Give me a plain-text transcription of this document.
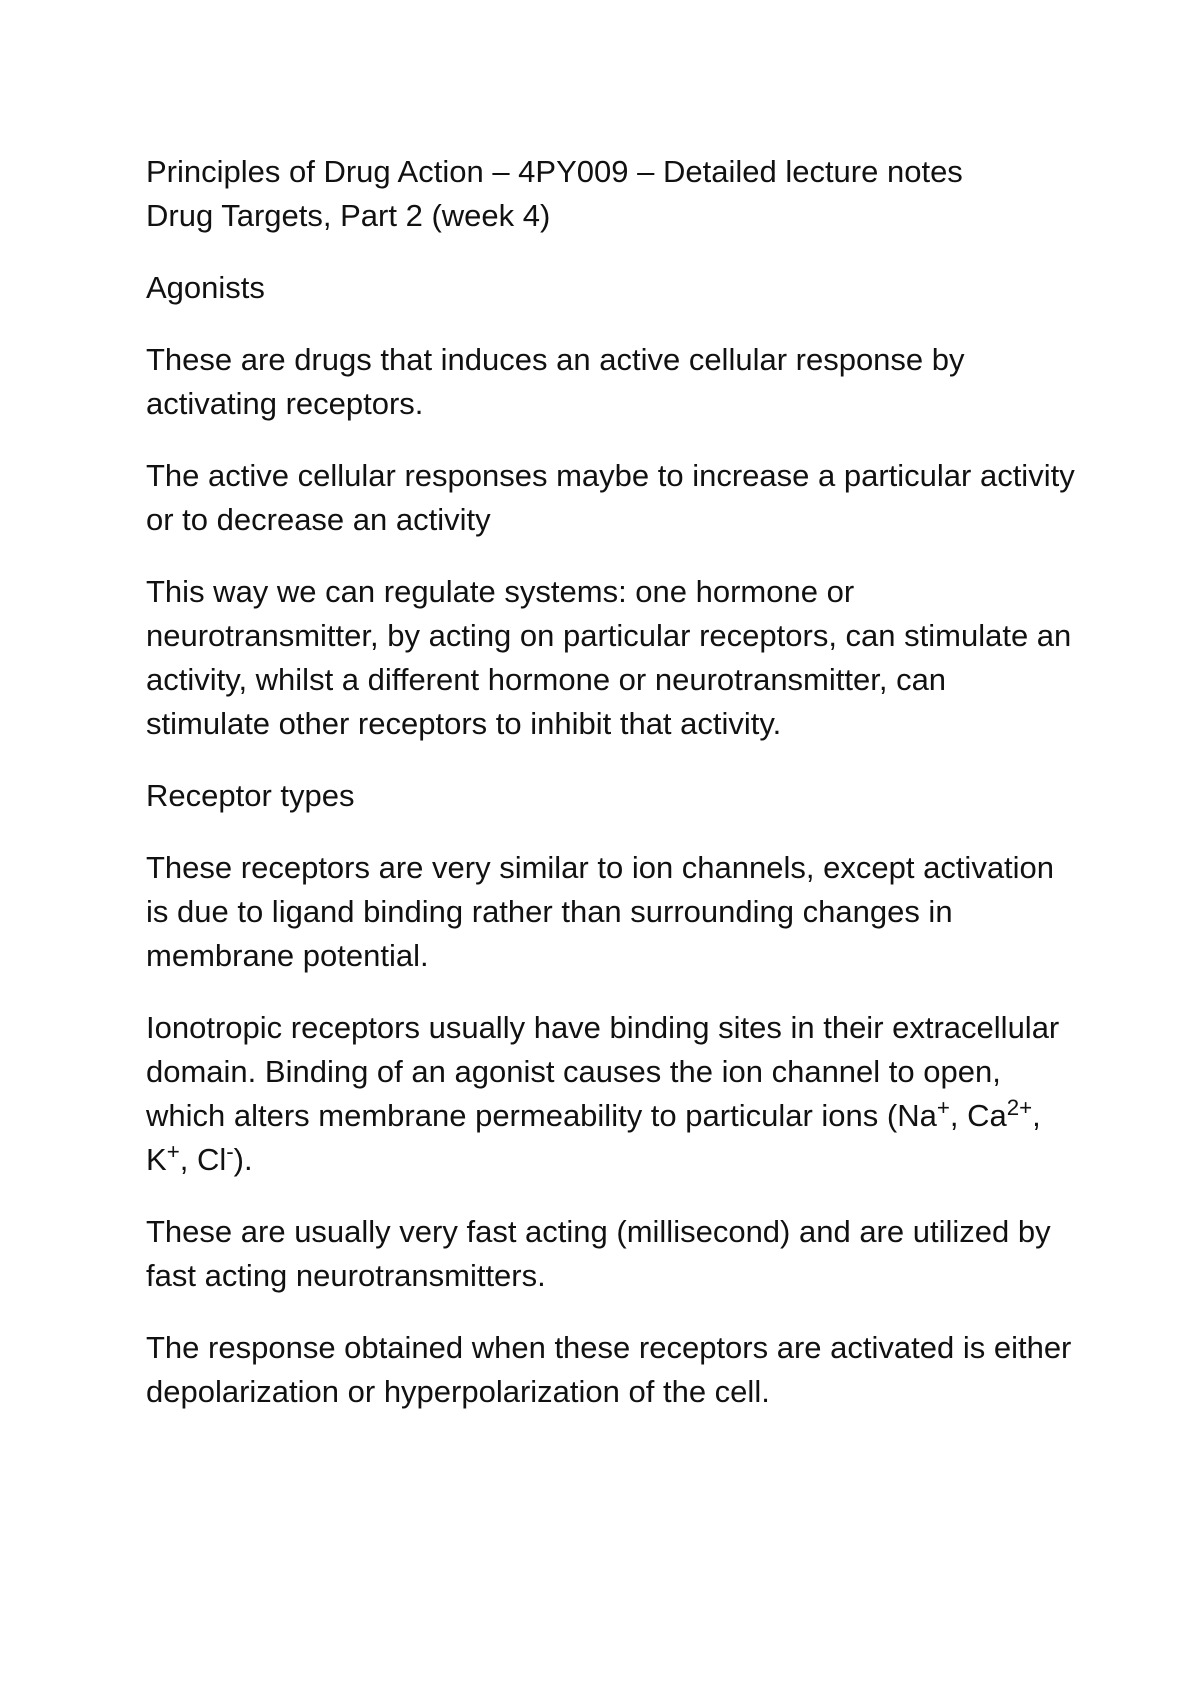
Principles of Drug Action – 4PY009 – Detailed lecture notes
Drug Targets, Part 2 (week 4)

Agonists

These are drugs that induces an active cellular response by activating receptors.

The active cellular responses maybe to increase a particular activity or to decrease an activity

This way we can regulate systems: one hormone or neurotransmitter, by acting on particular receptors, can stimulate an activity, whilst a different hormone or neurotransmitter, can stimulate other receptors to inhibit that activity.

Receptor types

These receptors are very similar to ion channels, except activation is due to ligand binding rather than surrounding changes in membrane potential.

Ionotropic receptors usually have binding sites in their extracellular domain. Binding of an agonist causes the ion channel to open, which alters membrane permeability to particular ions (Na+, $Ca^{2+}$, K+, Cl-).

These are usually very fast acting (millisecond) and are utilized by fast acting neurotransmitters.

The response obtained when these receptors are activated is either depolarization or hyperpolarization of the cell.
